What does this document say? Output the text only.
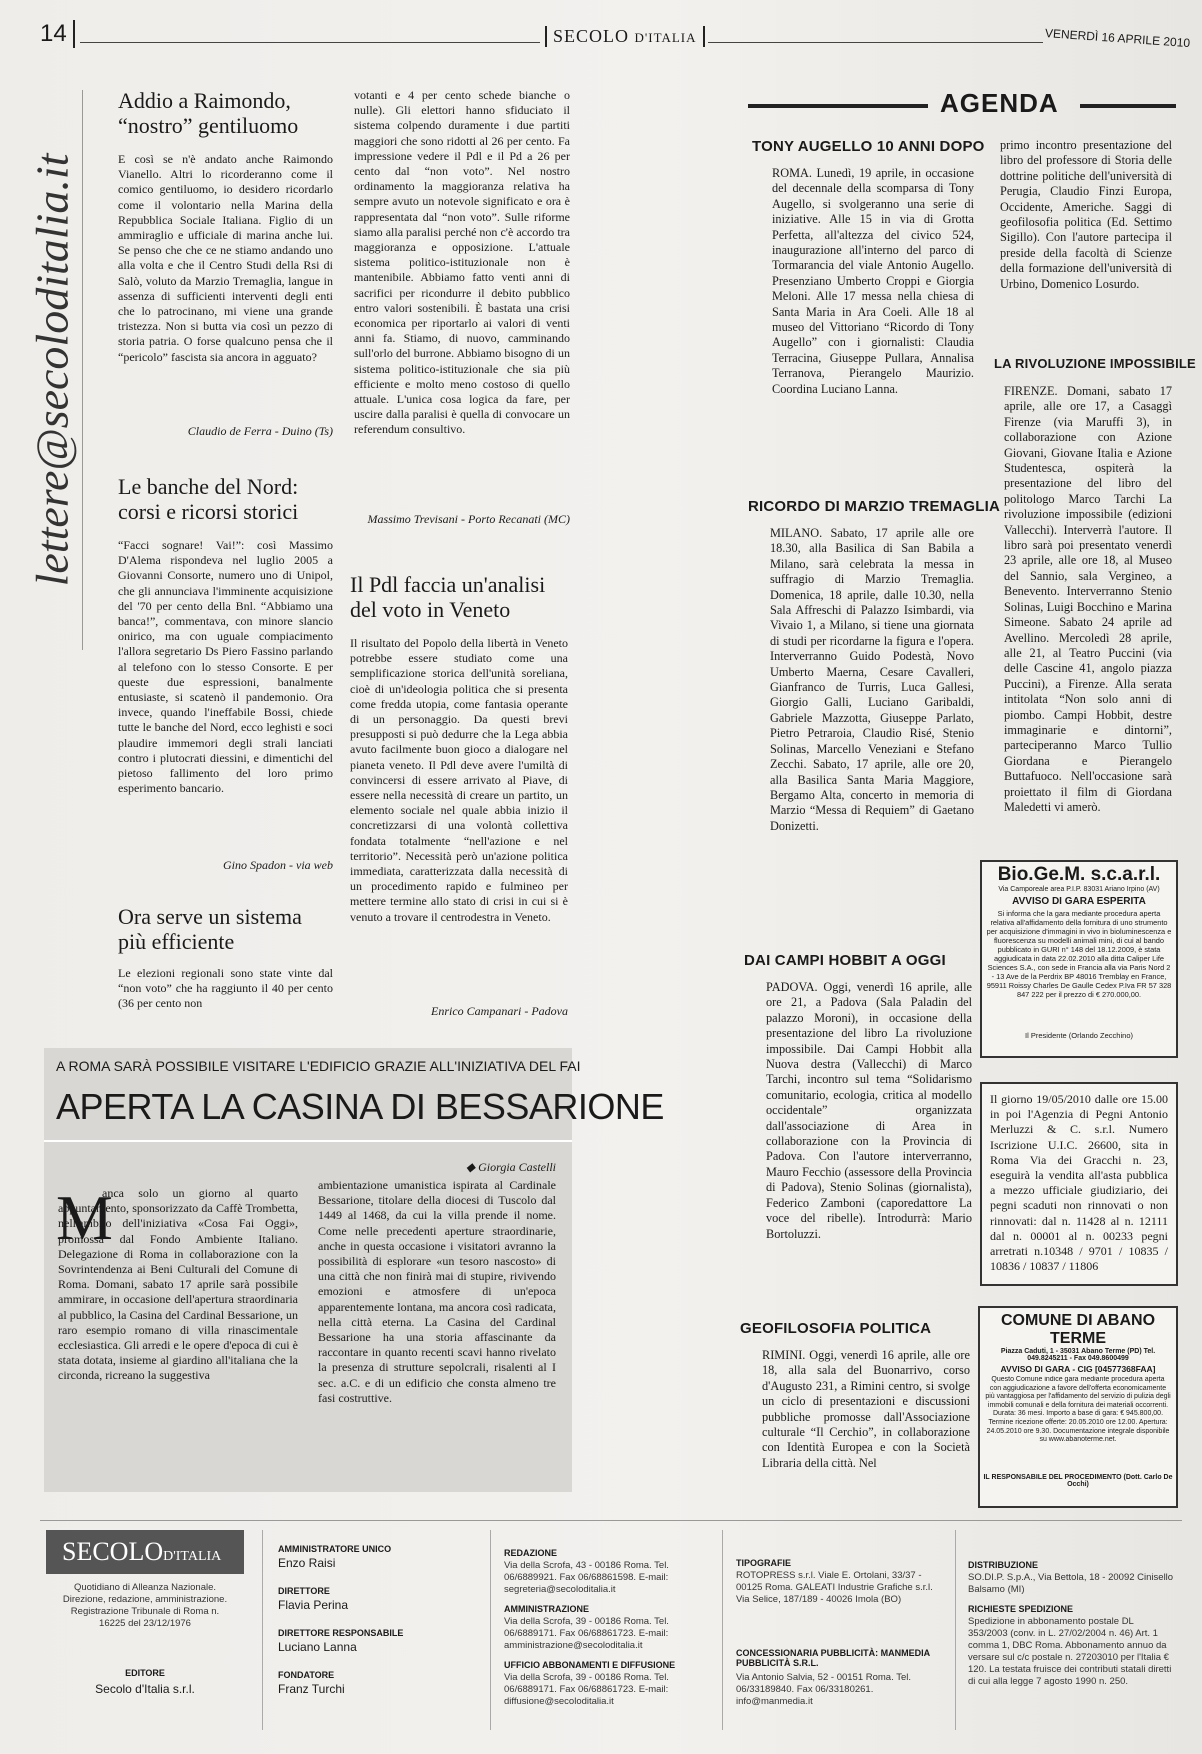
14	SECOLO D'ITALIA	VENERDÌ 16 APRILE 2010
lettere@secoloditalia.it
Addio a Raimondo,
“nostro” gentiluomo

E così se n'è andato anche Raimondo Vianello. Altri lo ricorderanno come il comico gentiluomo, io desidero ricordarlo come il volontario nella Marina della Repubblica Sociale Italiana. Figlio di un ammiraglio e ufficiale di marina anche lui. Se penso che che ce ne stiamo andando uno alla volta e che il Centro Studi della Rsi di Salò, voluto da Marzio Tremaglia, langue in assenza di sufficienti interventi degli enti che lo patrocinano, mi viene una grande tristezza. Non si butta via così un pezzo di storia patria. O forse qualcuno pensa che il “pericolo” fascista sia ancora in agguato?

Claudio de Ferra - Duino (Ts)
Le banche del Nord:
corsi e ricorsi storici

“Facci sognare! Vai!”: così Massimo D'Alema rispondeva nel luglio 2005 a Giovanni Consorte, numero uno di Unipol, che gli annunciava l'imminente acquisizione del '70 per cento della Bnl. “Abbiamo una banca!”, commentava, con minore slancio onirico, ma con uguale compiacimento l'allora segretario Ds Piero Fassino parlando al telefono con lo stesso Consorte. E per queste due espressioni, banalmente entusiaste, si scatenò il pandemonio. Ora invece, quando l'ineffabile Bossi, chiede tutte le banche del Nord, ecco leghisti e soci plaudire immemori degli strali lanciati contro i plutocrati diessini, e dimentichi del pietoso fallimento del loro primo esperimento bancario.

Gino Spadon - via web
Ora serve un sistema
più efficiente

Le elezioni regionali sono state vinte dal “non voto” che ha raggiunto il 40 per cento (36 per cento non

votanti e 4 per cento schede bianche o nulle). Gli elettori hanno sfiduciato il sistema colpendo duramente i due partiti maggiori che sono ridotti al 26 per cento. Fa impressione vedere il Pdl e il Pd a 26 per cento dal “non voto”. Nel nostro ordinamento la maggioranza relativa ha sempre avuto un notevole significato e ora è rappresentata dal “non voto”. Sulle riforme siamo alla paralisi perché non c'è accordo tra maggioranza e opposizione. L'attuale sistema politico-istituzionale non è mantenibile. Abbiamo fatto venti anni di sacrifici per ricondurre il debito pubblico entro valori sostenibili. È bastata una crisi economica per riportarlo ai valori di venti anni fa. Stiamo, di nuovo, camminando sull'orlo del burrone. Abbiamo bisogno di un sistema politico-istituzionale che sia più efficiente e molto meno costoso di quello attuale. L'unica cosa logica da fare, per uscire dalla paralisi è quella di convocare un referendum consultivo.

Massimo Trevisani - Porto Recanati (MC)
Il Pdl faccia un'analisi
del voto in Veneto

Il risultato del Popolo della libertà in Veneto potrebbe essere studiato come una semplificazione storica dell'unità soreliana, cioè di un'ideologia politica che si presenta come fredda utopia, come fantasia operante di un personaggio. Da questi brevi presupposti si può dedurre che la Lega abbia avuto facilmente buon gioco a dialogare nel pianeta veneto. Il Pdl deve avere l'umiltà di convincersi di essere arrivato al Piave, di essere nella necessità di creare un partito, un elemento sociale nel quale abbia inizio il concretizzarsi di una volontà collettiva fondata totalmente “nell'azione e nel territorio”. Necessità però un'azione politica immediata, caratterizzata dalla necessità di un procedimento rapido e fulmineo per mettere termine allo stato di crisi in cui si è venuto a trovare il centrodestra in Veneto.

Enrico Campanari - Padova
A ROMA SARÀ POSSIBILE VISITARE L'EDIFICIO GRAZIE ALL'INIZIATIVA DEL FAI
APERTA LA CASINA DI BESSARIONE
◆ Giorgia Castelli
M

anca solo un giorno al quarto appuntamento, sponsorizzato da Caffè Trombetta, nell'ambito dell'iniziativa «Cosa Fai Oggi», promossa dal Fondo Ambiente Italiano. Delegazione di Roma in collaborazione con la Sovrintendenza ai Beni Culturali del Comune di Roma. Domani, sabato 17 aprile sarà possibile ammirare, in occasione dell'apertura straordinaria al pubblico, la Casina del Cardinal Bessarione, un raro esempio romano di villa rinascimentale ecclesiastica. Gli arredi e le opere d'epoca di cui è stata dotata, insieme al giardino all'italiana che la circonda, ricreano la suggestiva

ambientazione umanistica ispirata al Cardinale Bessarione, titolare della diocesi di Tuscolo dal 1449 al 1468, da cui la villa prende il nome. Come nelle precedenti aperture straordinarie, anche in questa occasione i visitatori avranno la possibilità di esplorare «un tesoro nascosto» di una città che non finirà mai di stupire, rivivendo emozioni e atmosfere di un'epoca apparentemente lontana, ma ancora così radicata, nella città eterna. La Casina del Cardinal Bessarione ha una storia affascinante da raccontare in quanto recenti scavi hanno rivelato la presenza di strutture sepolcrali, risalenti al I sec. a.C. e di un edificio che consta almeno tre fasi costruttive.

AGENDA
TONY AUGELLO 10 ANNI DOPO

ROMA. Lunedì, 19 aprile, in occasione del decennale della scomparsa di Tony Augello, si svolgeranno una serie di iniziative. Alle 15 in via di Grotta Perfetta, all'altezza del civico 524, inaugurazione all'interno del parco di Tormarancia del viale Antonio Augello. Presenziano Umberto Croppi e Giorgia Meloni. Alle 17 messa nella chiesa di Santa Maria in Ara Coeli. Alle 18 al museo del Vittoriano “Ricordo di Tony Augello” con i giornalisti: Claudia Terracina, Giuseppe Pullara, Annalisa Terranova, Pierangelo Maurizio. Coordina Luciano Lanna.

RICORDO DI MARZIO TREMAGLIA

MILANO. Sabato, 17 aprile alle ore 18.30, alla Basilica di San Babila a Milano, sarà celebrata la messa in suffragio di Marzio Tremaglia. Domenica, 18 aprile, dalle 10.30, nella Sala Affreschi di Palazzo Isimbardi, via Vivaio 1, a Milano, si tiene una giornata di studi per ricordarne la figura e l'opera. Interverranno Guido Podestà, Novo Umberto Maerna, Cesare Cavalleri, Gianfranco de Turris, Luca Gallesi, Giorgio Galli, Luciano Garibaldi, Gabriele Mazzotta, Giuseppe Parlato, Pietro Petraroia, Claudio Risé, Stenio Solinas, Marcello Veneziani e Stefano Zecchi. Sabato, 17 aprile, alle ore 20, alla Basilica Santa Maria Maggiore, Bergamo Alta, concerto in memoria di Marzio “Messa di Requiem” di Gaetano Donizetti.

DAI CAMPI HOBBIT A OGGI

PADOVA. Oggi, venerdì 16 aprile, alle ore 21, a Padova (Sala Paladin del palazzo Moroni), in occasione della presentazione del libro La rivoluzione impossibile. Dai Campi Hobbit alla Nuova destra (Vallecchi) di Marco Tarchi, incontro sul tema “Solidarismo comunitario, ecologia, critica al modello occidentale” organizzata dall'associazione di Area in collaborazione con la Provincia di Padova. Con l'autore interverranno, Mauro Fecchio (assessore della Provincia di Padova), Stenio Solinas (giornalista), Federico Zamboni (caporedattore La voce del ribelle). Introdurrà: Mario Bortoluzzi.

GEOFILOSOFIA POLITICA

RIMINI. Oggi, venerdì 16 aprile, alle ore 18, alla sala del Buonarrivo, corso d'Augusto 231, a Rimini centro, si svolge un ciclo di presentazioni e discussioni pubbliche promosse dall'Associazione culturale “Il Cerchio”, in collaborazione con Identità Europea e con la Società Libraria della città. Nel

primo incontro presentazione del libro del professore di Storia delle dottrine politiche dell'università di Perugia, Claudio Finzi Europa, Occidente, Americhe. Saggi di geofilosofia politica (Ed. Settimo Sigillo). Con l'autore partecipa il preside della facoltà di Scienze della formazione dell'università di Urbino, Domenico Losurdo.

LA RIVOLUZIONE IMPOSSIBILE

FIRENZE. Domani, sabato 17 aprile, alle ore 17, a Casaggì Firenze (via Maruffi 3), in collaborazione con Azione Giovani, Giovane Italia e Azione Studentesca, ospiterà la presentazione del libro del politologo Marco Tarchi La rivoluzione impossibile (edizioni Vallecchi). Interverrà l'autore. Il libro sarà poi presentato venerdì 23 aprile, alle ore 18, al Museo del Sannio, sala Vergineo, a Benevento. Interverranno Stenio Solinas, Luigi Bocchino e Marina Simeone. Sabato 24 aprile ad Avellino. Mercoledì 28 aprile, alle 21, al Teatro Puccini (via delle Cascine 41, angolo piazza Puccini), a Firenze. Alla serata intitolata “Non solo anni di piombo. Campi Hobbit, destre immaginarie e dintorni”, parteciperanno Marco Tullio Giordana e Pierangelo Buttafuoco. Nell'occasione sarà proiettato il film di Giordana Maledetti vi amerò.

Bio.Ge.M. s.c.a.r.l.
Via Camporeale area P.I.P. 83031 Ariano Irpino (AV)
AVVISO DI GARA ESPERITA
Si informa che la gara mediante procedura aperta relativa all'affidamento della fornitura di uno strumento per acquisizione d'immagini in vivo in bioluminescenza e fluorescenza su modelli animali mini, di cui al bando pubblicato in GURI n° 148 del 18.12.2009, è stata aggiudicata in data 22.02.2010 alla ditta Caliper Life Sciences S.A., con sede in Francia alla via Paris Nord 2 - 13 Ave de la Perdrix BP 48016 Tremblay en France, 95911 Roissy Charles De Gaulle Cedex P.Iva FR 57 328 847 222 per il prezzo di € 270.000,00.
Il Presidente (Orlando Zecchino)
Il giorno 19/05/2010 dalle ore 15.00 in poi l'Agenzia di Pegni Antonio Merluzzi & C. s.r.l. Numero Iscrizione U.I.C. 26600, sita in Roma Via dei Gracchi n. 23, eseguirà la vendita all'asta pubblica a mezzo ufficiale giudiziario, dei pegni scaduti non rinnovati o non rinnovati: dal n. 11428 al n. 12111 dal n. 00001 al n. 00233 pegni arretrati n.10348 / 9701 / 10835 / 10836 / 10837 / 11806
COMUNE DI ABANO TERME
Piazza Caduti, 1 - 35031 Abano Terme (PD) Tel. 049.8245211 - Fax 049.8600499
AVVISO DI GARA - CIG [04577368FAA]
Questo Comune indice gara mediante procedura aperta con aggiudicazione a favore dell'offerta economicamente più vantaggiosa per l'affidamento del servizio di pulizia degli immobili comunali e della fornitura dei materiali occorrenti. Durata: 36 mesi. Importo a base di gara: € 945.800,00. Termine ricezione offerte: 20.05.2010 ore 12.00. Apertura: 24.05.2010 ore 9.30. Documentazione integrale disponibile su www.abanoterme.net.
IL RESPONSABILE DEL PROCEDIMENTO (Dott. Carlo De Occhi)
SECOLOD'ITALIA
Quotidiano di Alleanza Nazionale. Direzione, redazione, amministrazione. Registrazione Tribunale di Roma n. 16225 del 23/12/1976
EDITORE
Secolo d'Italia s.r.l.
AMMINISTRATORE UNICO
Enzo Raisi
DIRETTORE
Flavia Perina
DIRETTORE RESPONSABILE
Luciano Lanna
FONDATORE
Franz Turchi
REDAZIONE
Via della Scrofa, 43 - 00186 Roma. Tel. 06/6889921. Fax 06/68861598. E-mail: segreteria@secoloditalia.it
AMMINISTRAZIONE
Via della Scrofa, 39 - 00186 Roma. Tel. 06/6889171. Fax 06/68861723. E-mail: amministrazione@secoloditalia.it
UFFICIO ABBONAMENTI E DIFFUSIONE
Via della Scrofa, 39 - 00186 Roma. Tel. 06/6889171. Fax 06/68861723. E-mail: diffusione@secoloditalia.it
TIPOGRAFIE
ROTOPRESS s.r.l. Viale E. Ortolani, 33/37 - 00125 Roma. GALEATI Industrie Grafiche s.r.l. Via Selice, 187/189 - 40026 Imola (BO)
CONCESSIONARIA PUBBLICITÀ: MANMEDIA PUBBLICITÀ S.R.L.
Via Antonio Salvia, 52 - 00151 Roma. Tel. 06/33189840. Fax 06/33180261. info@manmedia.it
DISTRIBUZIONE
SO.DI.P. S.p.A., Via Bettola, 18 - 20092 Cinisello Balsamo (MI)
RICHIESTE SPEDIZIONE
Spedizione in abbonamento postale DL 353/2003 (conv. in L. 27/02/2004 n. 46) Art. 1 comma 1, DBC Roma. Abbonamento annuo da versare sul c/c postale n. 27203010 per l'Italia € 120. La testata fruisce dei contributi statali diretti di cui alla legge 7 agosto 1990 n. 250.
